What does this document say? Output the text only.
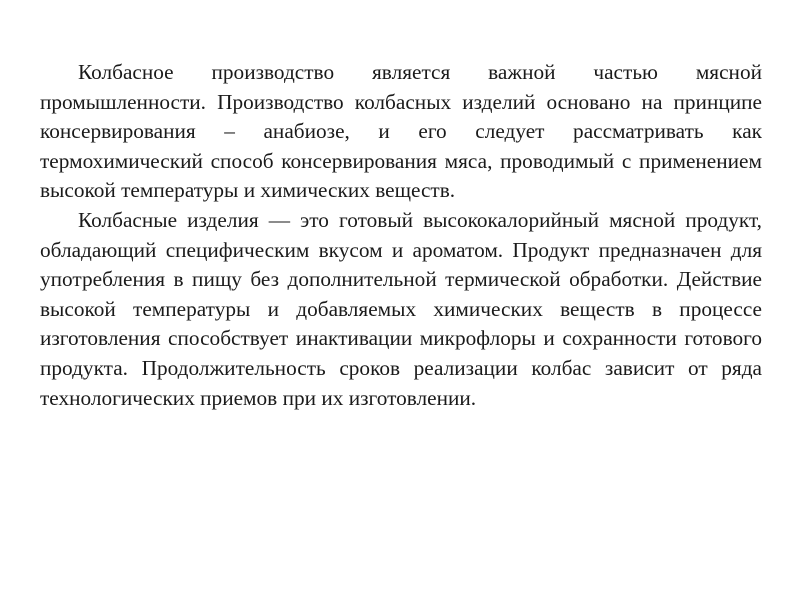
Колбасное производство является важной частью мясной промышленности. Производство колбасных изделий основано на принципе консервирования – анабиозе, и его следует рассматривать как термохимический способ консервирования мяса, проводимый с применением высокой температуры и химических веществ.

Колбасные изделия — это готовый высококалорийный мясной продукт, обладающий специфическим вкусом и ароматом. Продукт предназначен для употребления в пищу без дополнительной термической обработки. Действие высокой температуры и добавляемых химических веществ в процессе изготовления способствует инактивации микрофлоры и сохранности готового продукта. Продолжительность сроков реализации колбас зависит от ряда технологических приемов при их изготовлении.
